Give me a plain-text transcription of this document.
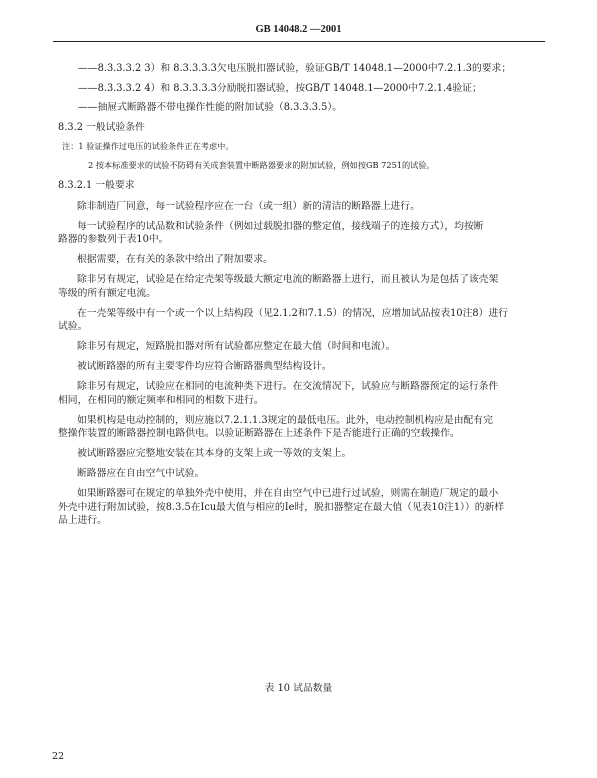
GB 14048.2 —2001

——8.3.3.3.2 3）和 8.3.3.3.3欠电压脱扣器试验，验证GB/T 14048.1—2000中7.2.1.3的要求；

——8.3.3.3.2 4）和 8.3.3.3.3分励脱扣器试验，按GB/T 14048.1—2000中7.2.1.4验证；

——抽屉式断路器不带电操作性能的附加试验（8.3.3.3.5）。

8.3.2 一般试验条件

注：1 验证操作过电压的试验条件正在考虑中。

2 按本标准要求的试验不防碍有关成套装置中断路器要求的附加试验，例如按GB 7251的试验。

8.3.2.1 一般要求

除非制造厂同意，每一试验程序应在一台（或一组）新的清洁的断路器上进行。

每一试验程序的试品数和试验条件（例如过载脱扣器的整定值，接线端子的连接方式），均按断
路器的参数列于表10中。

根据需要，在有关的条款中给出了附加要求。

除非另有规定，试验是在给定壳架等级最大额定电流的断路器上进行，而且被认为是包括了该壳架
等级的所有额定电流。

在一壳架等级中有一个或一个以上结构段（见2.1.2和7.1.5）的情况，应增加试品按表10注8）进行
试验。

除非另有规定，短路脱扣器对所有试验都应整定在最大值（时间和电流）。

被试断路器的所有主要零件均应符合断路器典型结构设计。

除非另有规定，试验应在相同的电流种类下进行。在交流情况下，试验应与断路器预定的运行条件
相同，在相同的额定频率和相同的相数下进行。

如果机构是电动控制的，则应施以7.2.1.1.3规定的最低电压。此外，电动控制机构应是由配有完
整操作装置的断路器控制电路供电。以验证断路器在上述条件下是否能进行正确的空载操作。

被试断路器应完整地安装在其本身的支架上或一等效的支架上。

断路器应在自由空气中试验。

如果断路器可在规定的单独外壳中使用，并在自由空气中已进行过试验，则需在制造厂规定的最小
外壳中进行附加试验，按8.3.5在Icu最大值与相应的Ie时，脱扣器整定在最大值（见表10注1））的新样
品上进行。

表 10 试品数量
22
